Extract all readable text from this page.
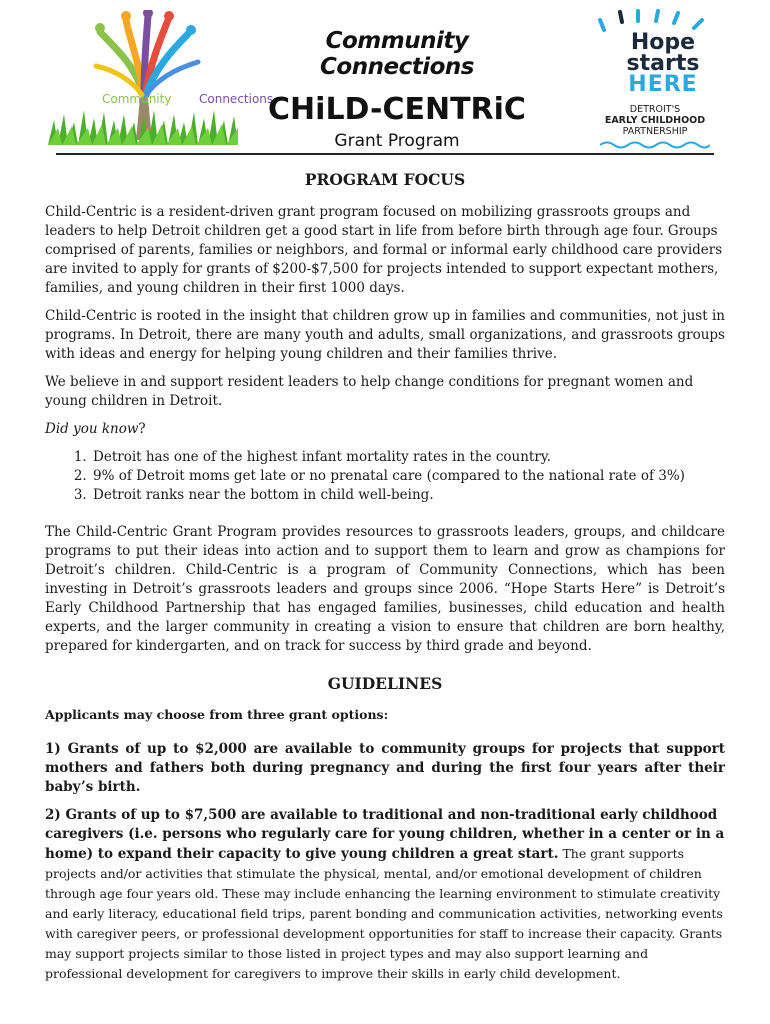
Community Connections
Community Connections
CHiLD-CENTRiC
Grant Program
Hope
starts
HERE
DETROIT'S
EARLY CHILDHOOD
PARTNERSHIP
PROGRAM FOCUS

Child-Centric is a resident-driven grant program focused on mobilizing grassroots groups and leaders to help Detroit children get a good start in life from before birth through age four. Groups comprised of parents, families or neighbors, and formal or informal early childhood care providers are invited to apply for grants of $200-$7,500 for projects intended to support expectant mothers, families, and young children in their first 1000 days.

Child-Centric is rooted in the insight that children grow up in families and communities, not just in programs. In Detroit, there are many youth and adults, small organizations, and grassroots groups with ideas and energy for helping young children and their families thrive.

We believe in and support resident leaders to help change conditions for pregnant women and young children in Detroit.

Did you know?

1. Detroit has one of the highest infant mortality rates in the country.
2. 9% of Detroit moms get late or no prenatal care (compared to the national rate of 3%)
3. Detroit ranks near the bottom in child well-being.

The Child-Centric Grant Program provides resources to grassroots leaders, groups, and childcare programs to put their ideas into action and to support them to learn and grow as champions for Detroit’s children. Child-Centric is a program of Community Connections, which has been investing in Detroit’s grassroots leaders and groups since 2006. “Hope Starts Here” is Detroit’s Early Childhood Partnership that has engaged families, businesses, child education and health experts, and the larger community in creating a vision to ensure that children are born healthy, prepared for kindergarten, and on track for success by third grade and beyond.

GUIDELINES
Applicants may choose from three grant options:

1) Grants of up to $2,000 are available to community groups for projects that support mothers and fathers both during pregnancy and during the first four years after their baby’s birth.

2) Grants of up to $7,500 are available to traditional and non-traditional early childhood caregivers (i.e. persons who regularly care for young children, whether in a center or in a home) to expand their capacity to give young children a great start. The grant supports projects and/or activities that stimulate the physical, mental, and/or emotional development of children through age four years old. These may include enhancing the learning environment to stimulate creativity and early literacy, educational field trips, parent bonding and communication activities, networking events with caregiver peers, or professional development opportunities for staff to increase their capacity. Grants may support projects similar to those listed in project types and may also support learning and professional development for caregivers to improve their skills in early child development.
